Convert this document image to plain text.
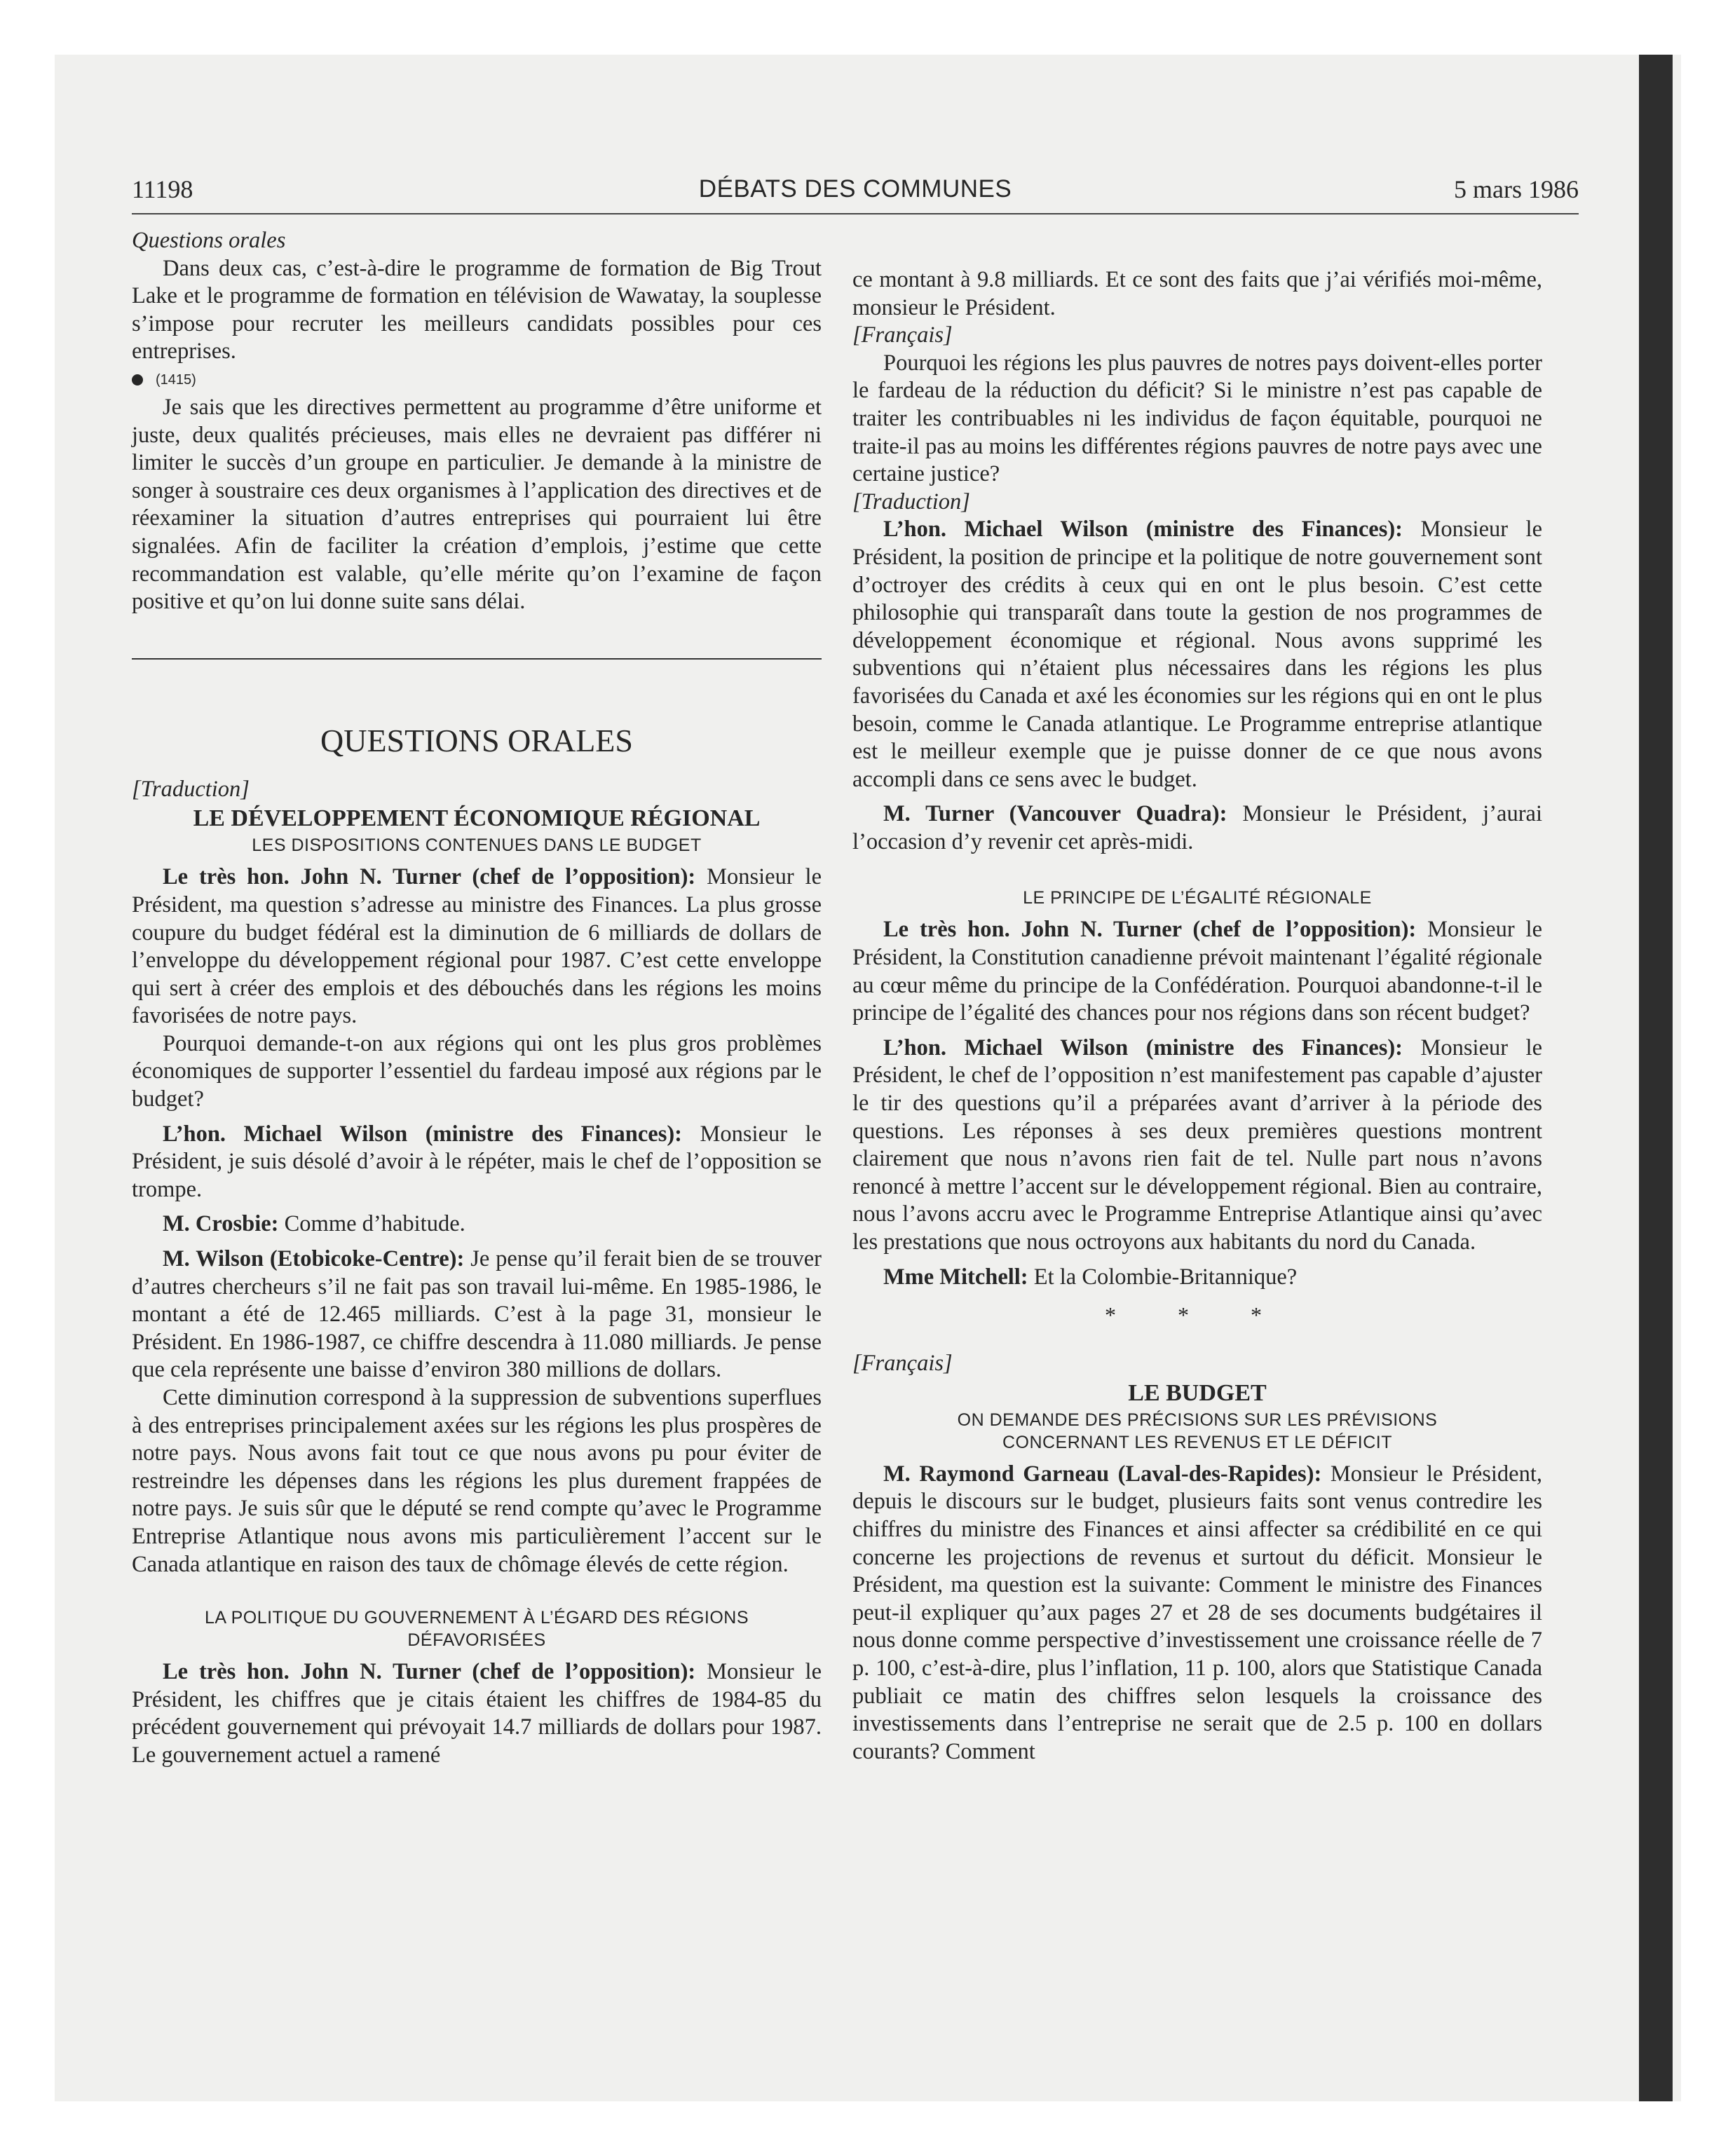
11198	DÉBATS DES COMMUNES	5 mars 1986

Questions orales

Dans deux cas, c’est-à-dire le programme de formation de Big Trout Lake et le programme de formation en télévision de Wawatay, la souplesse s’impose pour recruter les meilleurs candidats possibles pour ces entreprises.

(1415)

Je sais que les directives permettent au programme d’être uniforme et juste, deux qualités précieuses, mais elles ne devraient pas différer ni limiter le succès d’un groupe en particulier. Je demande à la ministre de songer à soustraire ces deux organismes à l’application des directives et de réexaminer la situation d’autres entreprises qui pourraient lui être signalées. Afin de faciliter la création d’emplois, j’estime que cette recommandation est valable, qu’elle mérite qu’on l’examine de façon positive et qu’on lui donne suite sans délai.

QUESTIONS ORALES

[Traduction]

LE DÉVELOPPEMENT ÉCONOMIQUE RÉGIONAL
LES DISPOSITIONS CONTENUES DANS LE BUDGET

Le très hon. John N. Turner (chef de l’opposition): Monsieur le Président, ma question s’adresse au ministre des Finances. La plus grosse coupure du budget fédéral est la diminution de 6 milliards de dollars de l’enveloppe du développement régional pour 1987. C’est cette enveloppe qui sert à créer des emplois et des débouchés dans les régions les moins favorisées de notre pays.

Pourquoi demande-t-on aux régions qui ont les plus gros problèmes économiques de supporter l’essentiel du fardeau imposé aux régions par le budget?

L’hon. Michael Wilson (ministre des Finances): Monsieur le Président, je suis désolé d’avoir à le répéter, mais le chef de l’opposition se trompe.

M. Crosbie: Comme d’habitude.

M. Wilson (Etobicoke-Centre): Je pense qu’il ferait bien de se trouver d’autres chercheurs s’il ne fait pas son travail lui-même. En 1985-1986, le montant a été de 12.465 milliards. C’est à la page 31, monsieur le Président. En 1986-1987, ce chiffre descendra à 11.080 milliards. Je pense que cela représente une baisse d’environ 380 millions de dollars.

Cette diminution correspond à la suppression de subventions superflues à des entreprises principalement axées sur les régions les plus prospères de notre pays. Nous avons fait tout ce que nous avons pu pour éviter de restreindre les dépenses dans les régions les plus durement frappées de notre pays. Je suis sûr que le député se rend compte qu’avec le Programme Entreprise Atlantique nous avons mis particulièrement l’accent sur le Canada atlantique en raison des taux de chômage élevés de cette région.

LA POLITIQUE DU GOUVERNEMENT À L’ÉGARD DES RÉGIONS
DÉFAVORISÉES

Le très hon. John N. Turner (chef de l’opposition): Monsieur le Président, les chiffres que je citais étaient les chiffres de 1984-85 du précédent gouvernement qui prévoyait 14.7 milliards de dollars pour 1987. Le gouvernement actuel a ramené

ce montant à 9.8 milliards. Et ce sont des faits que j’ai vérifiés moi-même, monsieur le Président.

[Français]

Pourquoi les régions les plus pauvres de notres pays doivent-elles porter le fardeau de la réduction du déficit? Si le ministre n’est pas capable de traiter les contribuables ni les individus de façon équitable, pourquoi ne traite-il pas au moins les différentes régions pauvres de notre pays avec une certaine justice?

[Traduction]

L’hon. Michael Wilson (ministre des Finances): Monsieur le Président, la position de principe et la politique de notre gouvernement sont d’octroyer des crédits à ceux qui en ont le plus besoin. C’est cette philosophie qui transparaît dans toute la gestion de nos programmes de développement économique et régional. Nous avons supprimé les subventions qui n’étaient plus nécessaires dans les régions les plus favorisées du Canada et axé les économies sur les régions qui en ont le plus besoin, comme le Canada atlantique. Le Programme entreprise atlantique est le meilleur exemple que je puisse donner de ce que nous avons accompli dans ce sens avec le budget.

M. Turner (Vancouver Quadra): Monsieur le Président, j’aurai l’occasion d’y revenir cet après-midi.

LE PRINCIPE DE L’ÉGALITÉ RÉGIONALE

Le très hon. John N. Turner (chef de l’opposition): Monsieur le Président, la Constitution canadienne prévoit maintenant l’égalité régionale au cœur même du principe de la Confédération. Pourquoi abandonne-t-il le principe de l’égalité des chances pour nos régions dans son récent budget?

L’hon. Michael Wilson (ministre des Finances): Monsieur le Président, le chef de l’opposition n’est manifestement pas capable d’ajuster le tir des questions qu’il a préparées avant d’arriver à la période des questions. Les réponses à ses deux premières questions montrent clairement que nous n’avons rien fait de tel. Nulle part nous n’avons renoncé à mettre l’accent sur le développement régional. Bien au contraire, nous l’avons accru avec le Programme Entreprise Atlantique ainsi qu’avec les prestations que nous octroyons aux habitants du nord du Canada.

Mme Mitchell: Et la Colombie-Britannique?

* * *

[Français]

LE BUDGET
ON DEMANDE DES PRÉCISIONS SUR LES PRÉVISIONS
CONCERNANT LES REVENUS ET LE DÉFICIT

M. Raymond Garneau (Laval-des-Rapides): Monsieur le Président, depuis le discours sur le budget, plusieurs faits sont venus contredire les chiffres du ministre des Finances et ainsi affecter sa crédibilité en ce qui concerne les projections de revenus et surtout du déficit. Monsieur le Président, ma question est la suivante: Comment le ministre des Finances peut-il expliquer qu’aux pages 27 et 28 de ses documents budgétaires il nous donne comme perspective d’investissement une croissance réelle de 7 p. 100, c’est-à-dire, plus l’inflation, 11 p. 100, alors que Statistique Canada publiait ce matin des chiffres selon lesquels la croissance des investissements dans l’entreprise ne serait que de 2.5 p. 100 en dollars courants? Comment
